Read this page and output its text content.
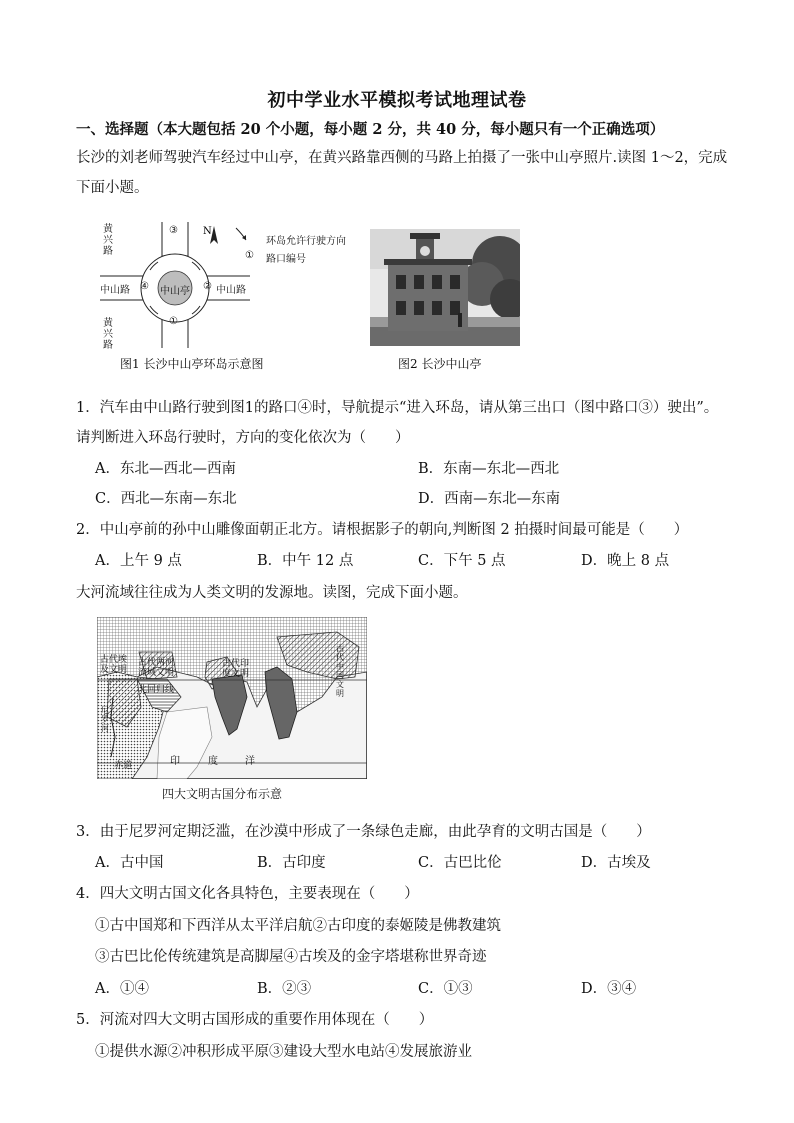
初中学业水平模拟考试地理试卷
一、选择题（本大题包括 20 个小题，每小题 2 分，共 40 分，每小题只有一个正确选项）
长沙的刘老师驾驶汽车经过中山亭，在黄兴路靠西侧的马路上拍摄了一张中山亭照片.读图 1～2，完成
下面小题。
N
黄兴路
③
黄兴路
①
中山路 ④	② 中山路
中山亭
环岛允许行驶方向
① 路口编号
图1 长沙中山亭环岛示意图	图2 长沙中山亭
1．汽车由中山路行驶到图1的路口④时，导航提示“进入环岛，请从第三出口（图中路口③）驶出”。
请判断进入环岛行驶时，方向的变化依次为（　　）
A．东北—西北—西南	B．东南—东北—西北
C．西北—东南—东北	D．西南—东北—东南
2．中山亭前的孙中山雕像面朝正北方。请根据影子的朝向,判断图 2 拍摄时间最可能是（　　）
A．上午 9 点	B．中午 12 点	C．下午 5 点	D．晚上 8 点
大河流域往往成为人类文明的发源地。读图，完成下面小题。
古代埃
及文明
古代两河
流域文明
北回归线
古代印
度文明
古代中国文明
尼罗河
赤道	印	度	洋
四大文明古国分布示意
3．由于尼罗河定期泛滥，在沙漠中形成了一条绿色走廊，由此孕育的文明古国是（　　）
A．古中国	B．古印度	C．古巴比伦	D．古埃及
4．四大文明古国文化各具特色，主要表现在（　　）
①古中国郑和下西洋从太平洋启航②古印度的泰姬陵是佛教建筑
③古巴比伦传统建筑是高脚屋④古埃及的金字塔堪称世界奇迹
A．①④	B．②③	C．①③	D．③④
5．河流对四大文明古国形成的重要作用体现在（　　）
①提供水源②冲积形成平原③建设大型水电站④发展旅游业
